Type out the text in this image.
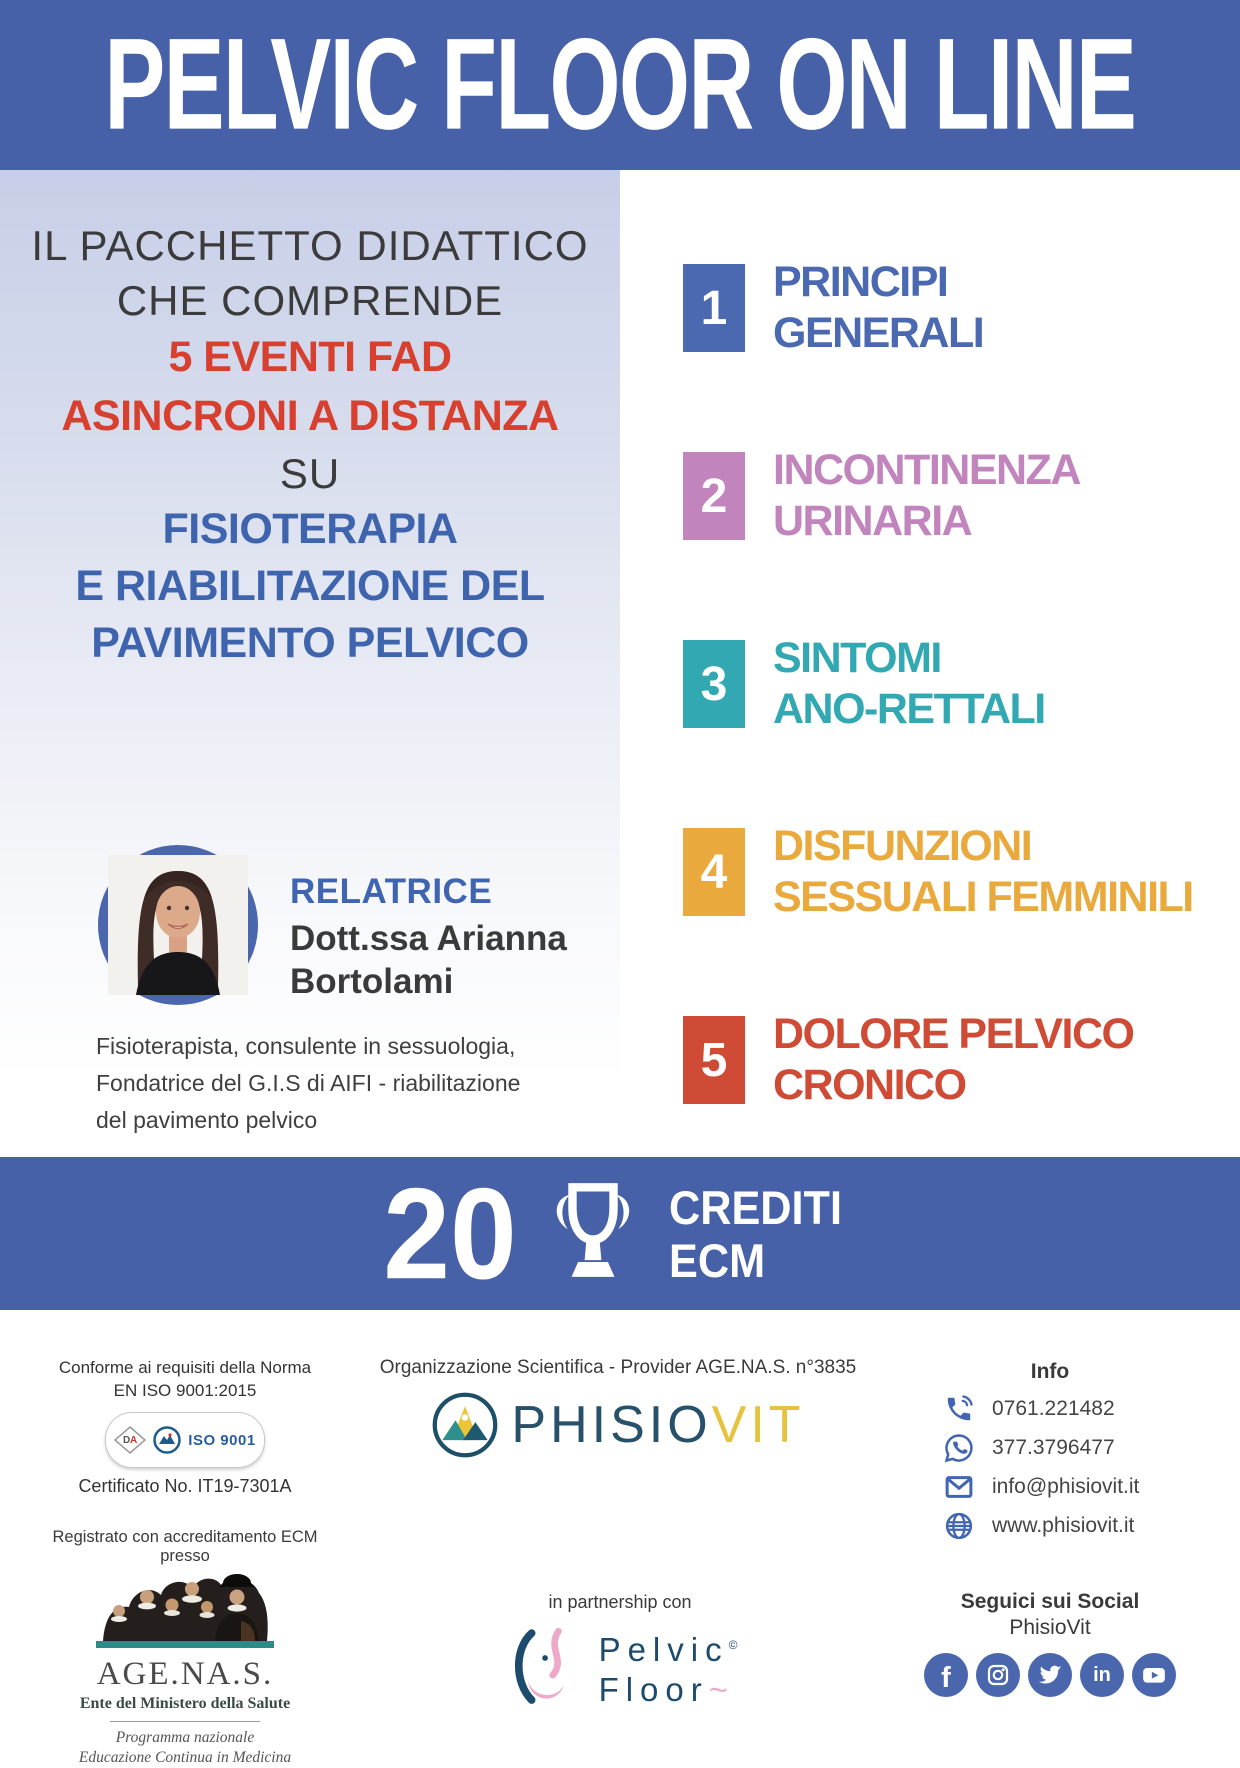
PELVIC FLOOR ON LINE
IL PACCHETTO DIDATTICO
CHE COMPRENDE
5 EVENTI FAD
ASINCRONI A DISTANZA
SU
FISIOTERAPIA
E RIABILITAZIONE DEL
PAVIMENTO PELVICO
RELATRICE
Dott.ssa Arianna
Bortolami
Fisioterapista, consulente in sessuologia,
Fondatrice del G.I.S di AIFI - riabilitazione
del pavimento pelvico
1	PRINCIPI
GENERALI
2	INCONTINENZA
URINARIA
3	SINTOMI
ANO-RETTALI
4	DISFUNZIONI
SESSUALI FEMMINILI
5	DOLORE PELVICO
CRONICO
20	CREDITI
ECM
Conforme ai requisiti della Norma
EN ISO 9001:2015
D A	ISO 9001
Certificato No. IT19-7301A
Organizzazione Scientifica - Provider AGE.NA.S. n°3835
PHISIOVIT
Info
0761.221482
377.3796477
info@phisiovit.it
www.phisiovit.it
Registrato con accreditamento ECM presso
AGE.NA.S.
Ente del Ministero della Salute
Programma nazionale
Educazione Continua in Medicina
in partnership con
Pelvic©
Floor~
Seguici sui Social
PhisioVit
f	in
